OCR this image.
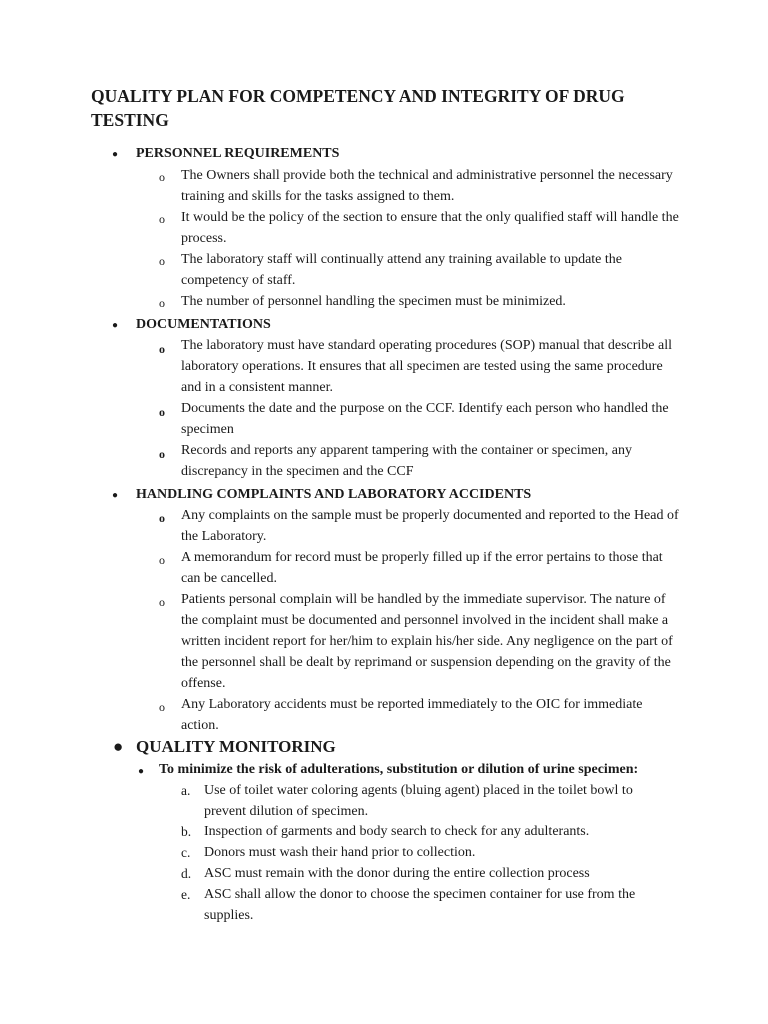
QUALITY PLAN FOR COMPETENCY AND INTEGRITY OF DRUG TESTING
● PERSONNEL REQUIREMENTS
o The Owners shall provide both the technical and administrative personnel the necessary training and skills for the tasks assigned to them.
o It would be the policy of the section to ensure that the only qualified staff will handle the process.
o The laboratory staff will continually attend any training available to update the competency of staff.
o The number of personnel handling the specimen must be minimized.
● DOCUMENTATIONS
o The laboratory must have standard operating procedures (SOP) manual that describe all laboratory operations. It ensures that all specimen are tested using the same procedure and in a consistent manner.
o Documents the date and the purpose on the CCF. Identify each person who handled the specimen
o Records and reports any apparent tampering with the container or specimen, any discrepancy in the specimen and the CCF
● HANDLING COMPLAINTS AND LABORATORY ACCIDENTS
o Any complaints on the sample must be properly documented and reported to the Head of the Laboratory.
o A memorandum for record must be properly filled up if the error pertains to those that can be cancelled.
o Patients personal complain will be handled by the immediate supervisor. The nature of the complaint must be documented and personnel involved in the incident shall make a written incident report for her/him to explain his/her side. Any negligence on the part of the personnel shall be dealt by reprimand or suspension depending on the gravity of the offense.
o Any Laboratory accidents must be reported immediately to the OIC for immediate action.
● QUALITY MONITORING
● To minimize the risk of adulterations, substitution or dilution of urine specimen:
a. Use of toilet water coloring agents (bluing agent) placed in the toilet bowl to prevent dilution of specimen.
b. Inspection of garments and body search to check for any adulterants.
c. Donors must wash their hand prior to collection.
d. ASC must remain with the donor during the entire collection process
e. ASC shall allow the donor to choose the specimen container for use from the supplies.
